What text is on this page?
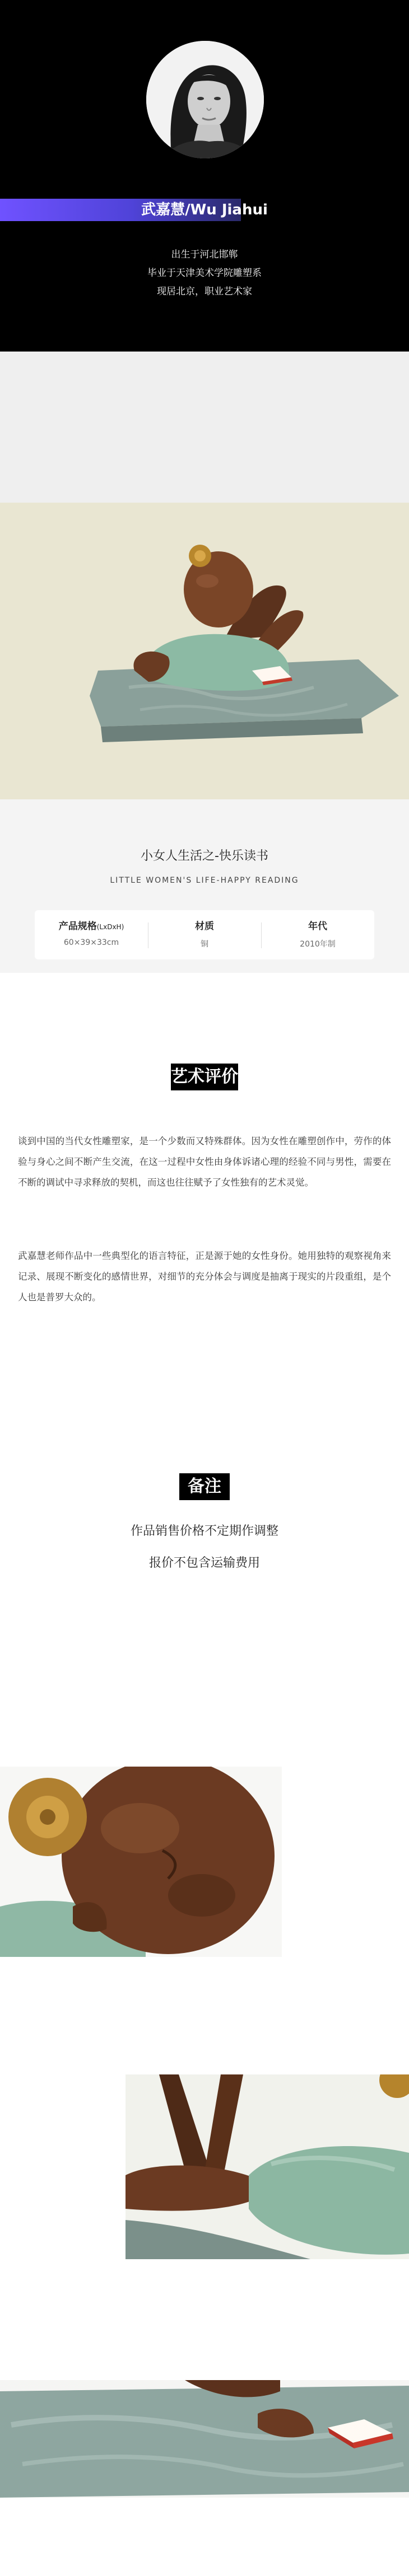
武嘉慧/Wu Jiahui
出生于河北邯郸
毕业于天津美术学院雕塑系
现居北京，职业艺术家
小女人生活之-快乐读书
LITTLE WOMEN'S LIFE-HAPPY READING
产品规格(LxDxH)
60×39×33cm
材质
铜
年代
2010年制
艺术评价
谈到中国的当代女性雕塑家，是一个少数而又特殊群体。因为女性在雕塑创作中，劳作的体验与身心之间不断产生交流，在这一过程中女性由身体诉诸心理的经验不同与男性，需要在不断的调试中寻求释放的契机，而这也往往赋予了女性独有的艺术灵觉。
武嘉慧老师作品中一些典型化的语言特征，正是源于她的女性身份。她用独特的观察视角来记录、展现不断变化的感情世界，对细节的充分体会与调度是抽离于现实的片段重组，是个人也是普罗大众的。
备注
作品销售价格不定期作调整
报价不包含运输费用
